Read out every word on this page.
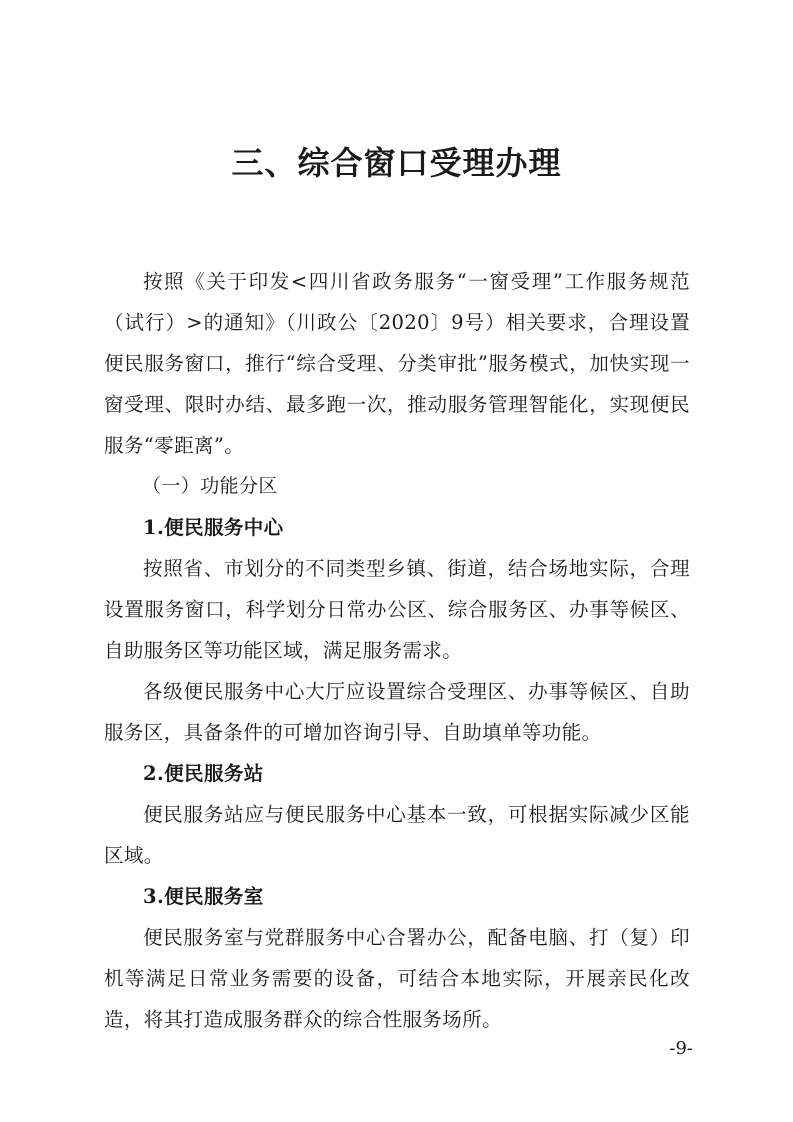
三、综合窗口受理办理

按照《关于印发<四川省政务服务“一窗受理”工作服务规范（试行）>的通知》（川政公〔2020〕9号）相关要求，合理设置便民服务窗口，推行“综合受理、分类审批”服务模式，加快实现一窗受理、限时办结、最多跑一次，推动服务管理智能化，实现便民服务“零距离”。

（一）功能分区

1.便民服务中心

按照省、市划分的不同类型乡镇、街道，结合场地实际，合理设置服务窗口，科学划分日常办公区、综合服务区、办事等候区、自助服务区等功能区域，满足服务需求。

各级便民服务中心大厅应设置综合受理区、办事等候区、自助服务区，具备条件的可增加咨询引导、自助填单等功能。

2.便民服务站

便民服务站应与便民服务中心基本一致，可根据实际减少区能区域。

3.便民服务室

便民服务室与党群服务中心合署办公，配备电脑、打（复）印机等满足日常业务需要的设备，可结合本地实际，开展亲民化改造，将其打造成服务群众的综合性服务场所。

-9-
